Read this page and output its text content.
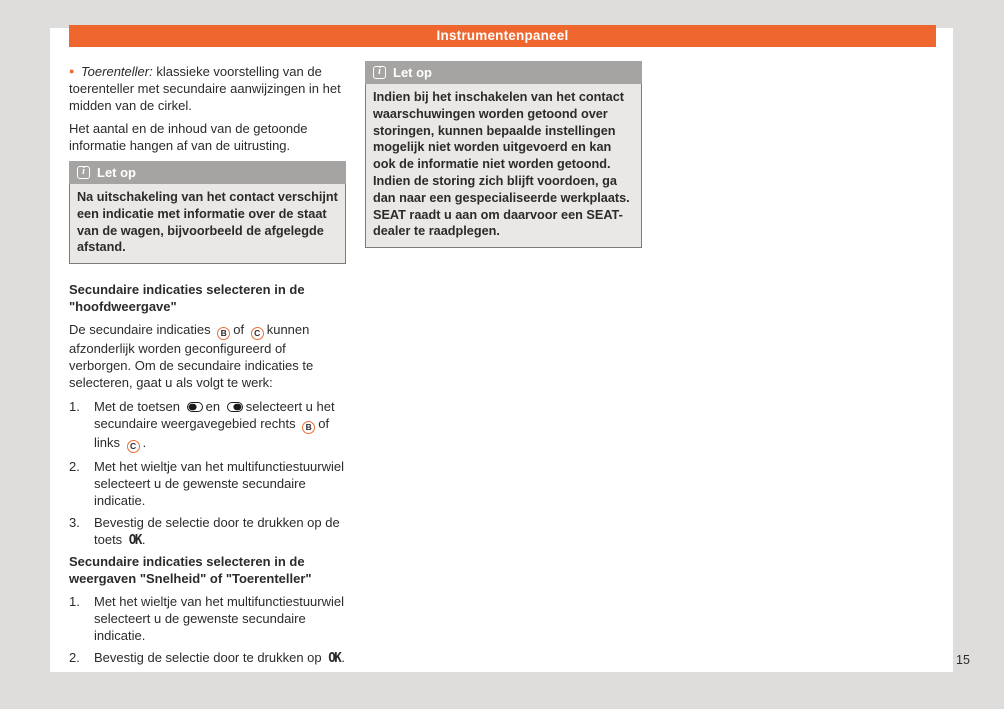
Instrumentenpaneel

● Toerenteller: klassieke voorstelling van de toerenteller met secundaire aanwijzingen in het midden van de cirkel.

Het aantal en de inhoud van de getoonde informatie hangen af van de uitrusting.

i Let op
Na uitschakeling van het contact verschijnt een indicatie met informatie over de staat van de wagen, bijvoorbeeld de afgelegde afstand.
Secundaire indicaties selecteren in de "hoofdweergave"

De secundaire indicaties Bof Ckunnen afzonderlijk worden geconfigureerd of verborgen. Om de secundaire indicaties te selecteren, gaat u als volgt te werk:

1.	Met de toetsen en selecteert u het secundaire weergavegebied rechts Bof links C.
2.	Met het wieltje van het multifunctiestuurwiel selecteert u de gewenste secundaire indicatie.
3.	Bevestig de selectie door te drukken op de toets OK.
Secundaire indicaties selecteren in de weergaven "Snelheid" of "Toerenteller"
1.	Met het wieltje van het multifunctiestuurwiel selecteert u de gewenste secundaire indicatie.
2.	Bevestig de selectie door te drukken op OK.
i Let op
Indien bij het inschakelen van het contact waarschuwingen worden getoond over storingen, kunnen bepaalde instellingen mogelijk niet worden uitgevoerd en kan ook de informatie niet worden getoond. Indien de storing zich blijft voordoen, ga dan naar een gespecialiseerde werkplaats. SEAT raadt u aan om daarvoor een SEAT-dealer te raadplegen.
15
